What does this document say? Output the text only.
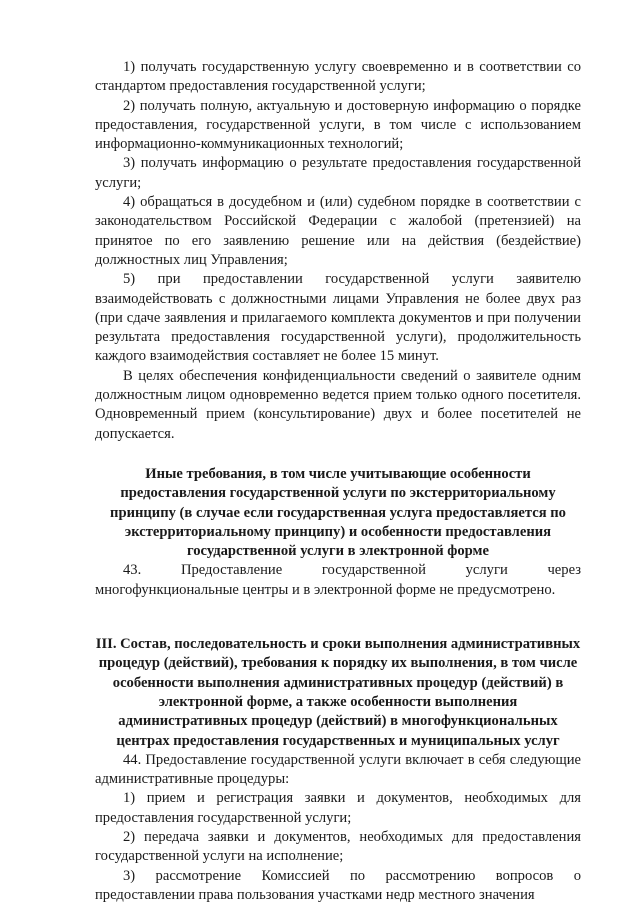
1) получать государственную услугу своевременно и в соответствии со стандартом предоставления государственной услуги;

2) получать полную, актуальную и достоверную информацию о порядке предоставления, государственной услуги, в том числе с использованием информационно-коммуникационных технологий;

3) получать информацию о результате предоставления государственной услуги;

4) обращаться в досудебном и (или) судебном порядке в соответствии с законодательством Российской Федерации с жалобой (претензией) на принятое по его заявлению решение или на действия (бездействие) должностных лиц Управления;

5) при предоставлении государственной услуги заявителю взаимодействовать с должностными лицами Управления не более двух раз (при сдаче заявления и прилагаемого комплекта документов и при получении результата предоставления государственной услуги), продолжительность каждого взаимодействия составляет не более 15 минут.

В целях обеспечения конфиденциальности сведений о заявителе одним должностным лицом одновременно ведется прием только одного посетителя. Одновременный прием (консультирование) двух и более посетителей не допускается.

Иные требования, в том числе учитывающие особенности предоставления государственной услуги по экстерриториальному принципу (в случае если государственная услуга предоставляется по экстерриториальному принципу) и особенности предоставления государственной услуги в электронной форме

43. Предоставление государственной услуги через многофункциональные центры и в электронной форме не предусмотрено.

III. Состав, последовательность и сроки выполнения административных процедур (действий), требования к порядку их выполнения, в том числе особенности выполнения административных процедур (действий) в электронной форме, а также особенности выполнения административных процедур (действий) в многофункциональных центрах предоставления государственных и муниципальных услуг

44. Предоставление государственной услуги включает в себя следующие административные процедуры:

1) прием и регистрация заявки и документов, необходимых для предоставления государственной услуги;

2) передача заявки и документов, необходимых для предоставления государственной услуги на исполнение;

3) рассмотрение Комиссией по рассмотрению вопросов о предоставлении права пользования участками недр местного значения
